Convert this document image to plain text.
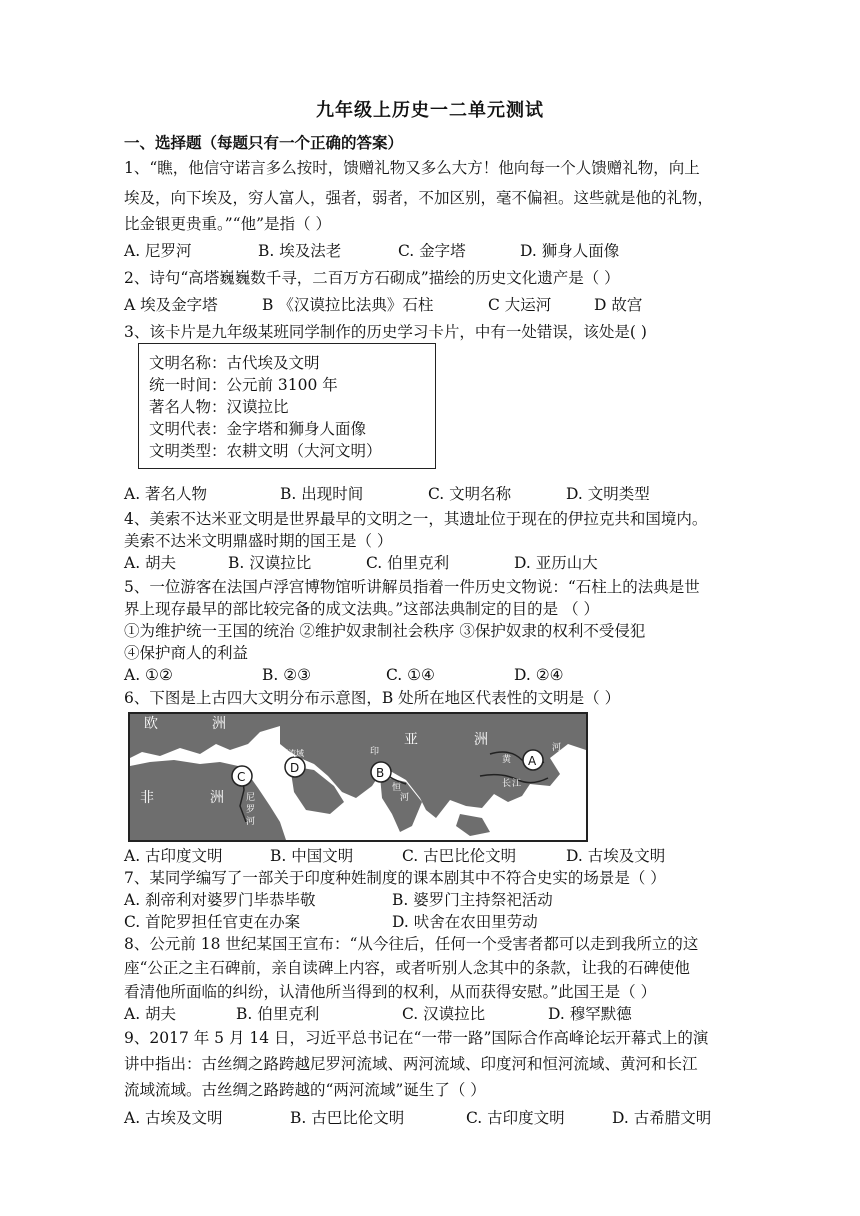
九年级上历史一二单元测试
一、选择题（每题只有一个正确的答案）
1、“瞧，他信守诺言多么按时，馈赠礼物又多么大方！他向每一个人馈赠礼物，向上
埃及，向下埃及，穷人富人，强者，弱者，不加区别，毫不偏袒。这些就是他的礼物，
比金银更贵重。”“他”是指（ ）
A. 尼罗河	B. 埃及法老	C. 金字塔	D. 狮身人面像
2、诗句“高塔巍巍数千寻，二百万方石砌成”描绘的历史文化遗产是（ ）
A 埃及金字塔	B 《汉谟拉比法典》石柱	C 大运河	D 故宫
3、该卡片是九年级某班同学制作的历史学习卡片，中有一处错误，该处是( )
文明名称：古代埃及文明
统一时间：公元前 3100 年
著名人物：汉谟拉比
文明代表：金字塔和狮身人面像
文明类型：农耕文明（大河文明）
A. 著名人物	B. 出现时间	C. 文明名称	D. 文明类型
4、美索不达米亚文明是世界最早的文明之一，其遗址位于现在的伊拉克共和国境内。
美索不达米文明鼎盛时期的国王是（ ）
A. 胡夫	B. 汉谟拉比	C. 伯里克利	D. 亚历山大
5、一位游客在法国卢浮宫博物馆听讲解员指着一件历史文物说：“石柱上的法典是世
界上现存最早的部比较完备的成文法典。”这部法典制定的目的是 （ ）
①为维护统一王国的统治 ②维护奴隶制社会秩序 ③保护奴隶的权利不受侵犯
④保护商人的利益
A. ①②	B. ②③	C. ①④	D. ②④
6、下图是上古四大文明分布示意图，B 处所在地区代表性的文明是（ ）
欧	洲
亚	洲
非	洲
两河流域	印
黄
长 江
河
恒
河
尼
罗
河
A
B
C
D
A. 古印度文明	B. 中国文明	C. 古巴比伦文明	D. 古埃及文明
7、某同学编写了一部关于印度种姓制度的课本剧其中不符合史实的场景是（ ）
A. 刹帝利对婆罗门毕恭毕敬	B. 婆罗门主持祭祀活动
C. 首陀罗担任官吏在办案	D. 吠舍在农田里劳动
8、公元前 18 世纪某国王宣布：“从今往后，任何一个受害者都可以走到我所立的这
座“公正之主石碑前，亲自读碑上内容，或者听别人念其中的条款，让我的石碑使他
看清他所面临的纠纷，认清他所当得到的权利，从而获得安慰。”此国王是（ ）
A. 胡夫	B. 伯里克利	C. 汉谟拉比	D. 穆罕默德
9、2017 年 5 月 14 日，习近平总书记在“一带一路”国际合作高峰论坛开幕式上的演
讲中指出：古丝绸之路跨越尼罗河流域、两河流域、印度河和恒河流域、黄河和长江
流域流域。古丝绸之路跨越的“两河流域”诞生了（ ）
A. 古埃及文明	B. 古巴比伦文明	C. 古印度文明	D. 古希腊文明
